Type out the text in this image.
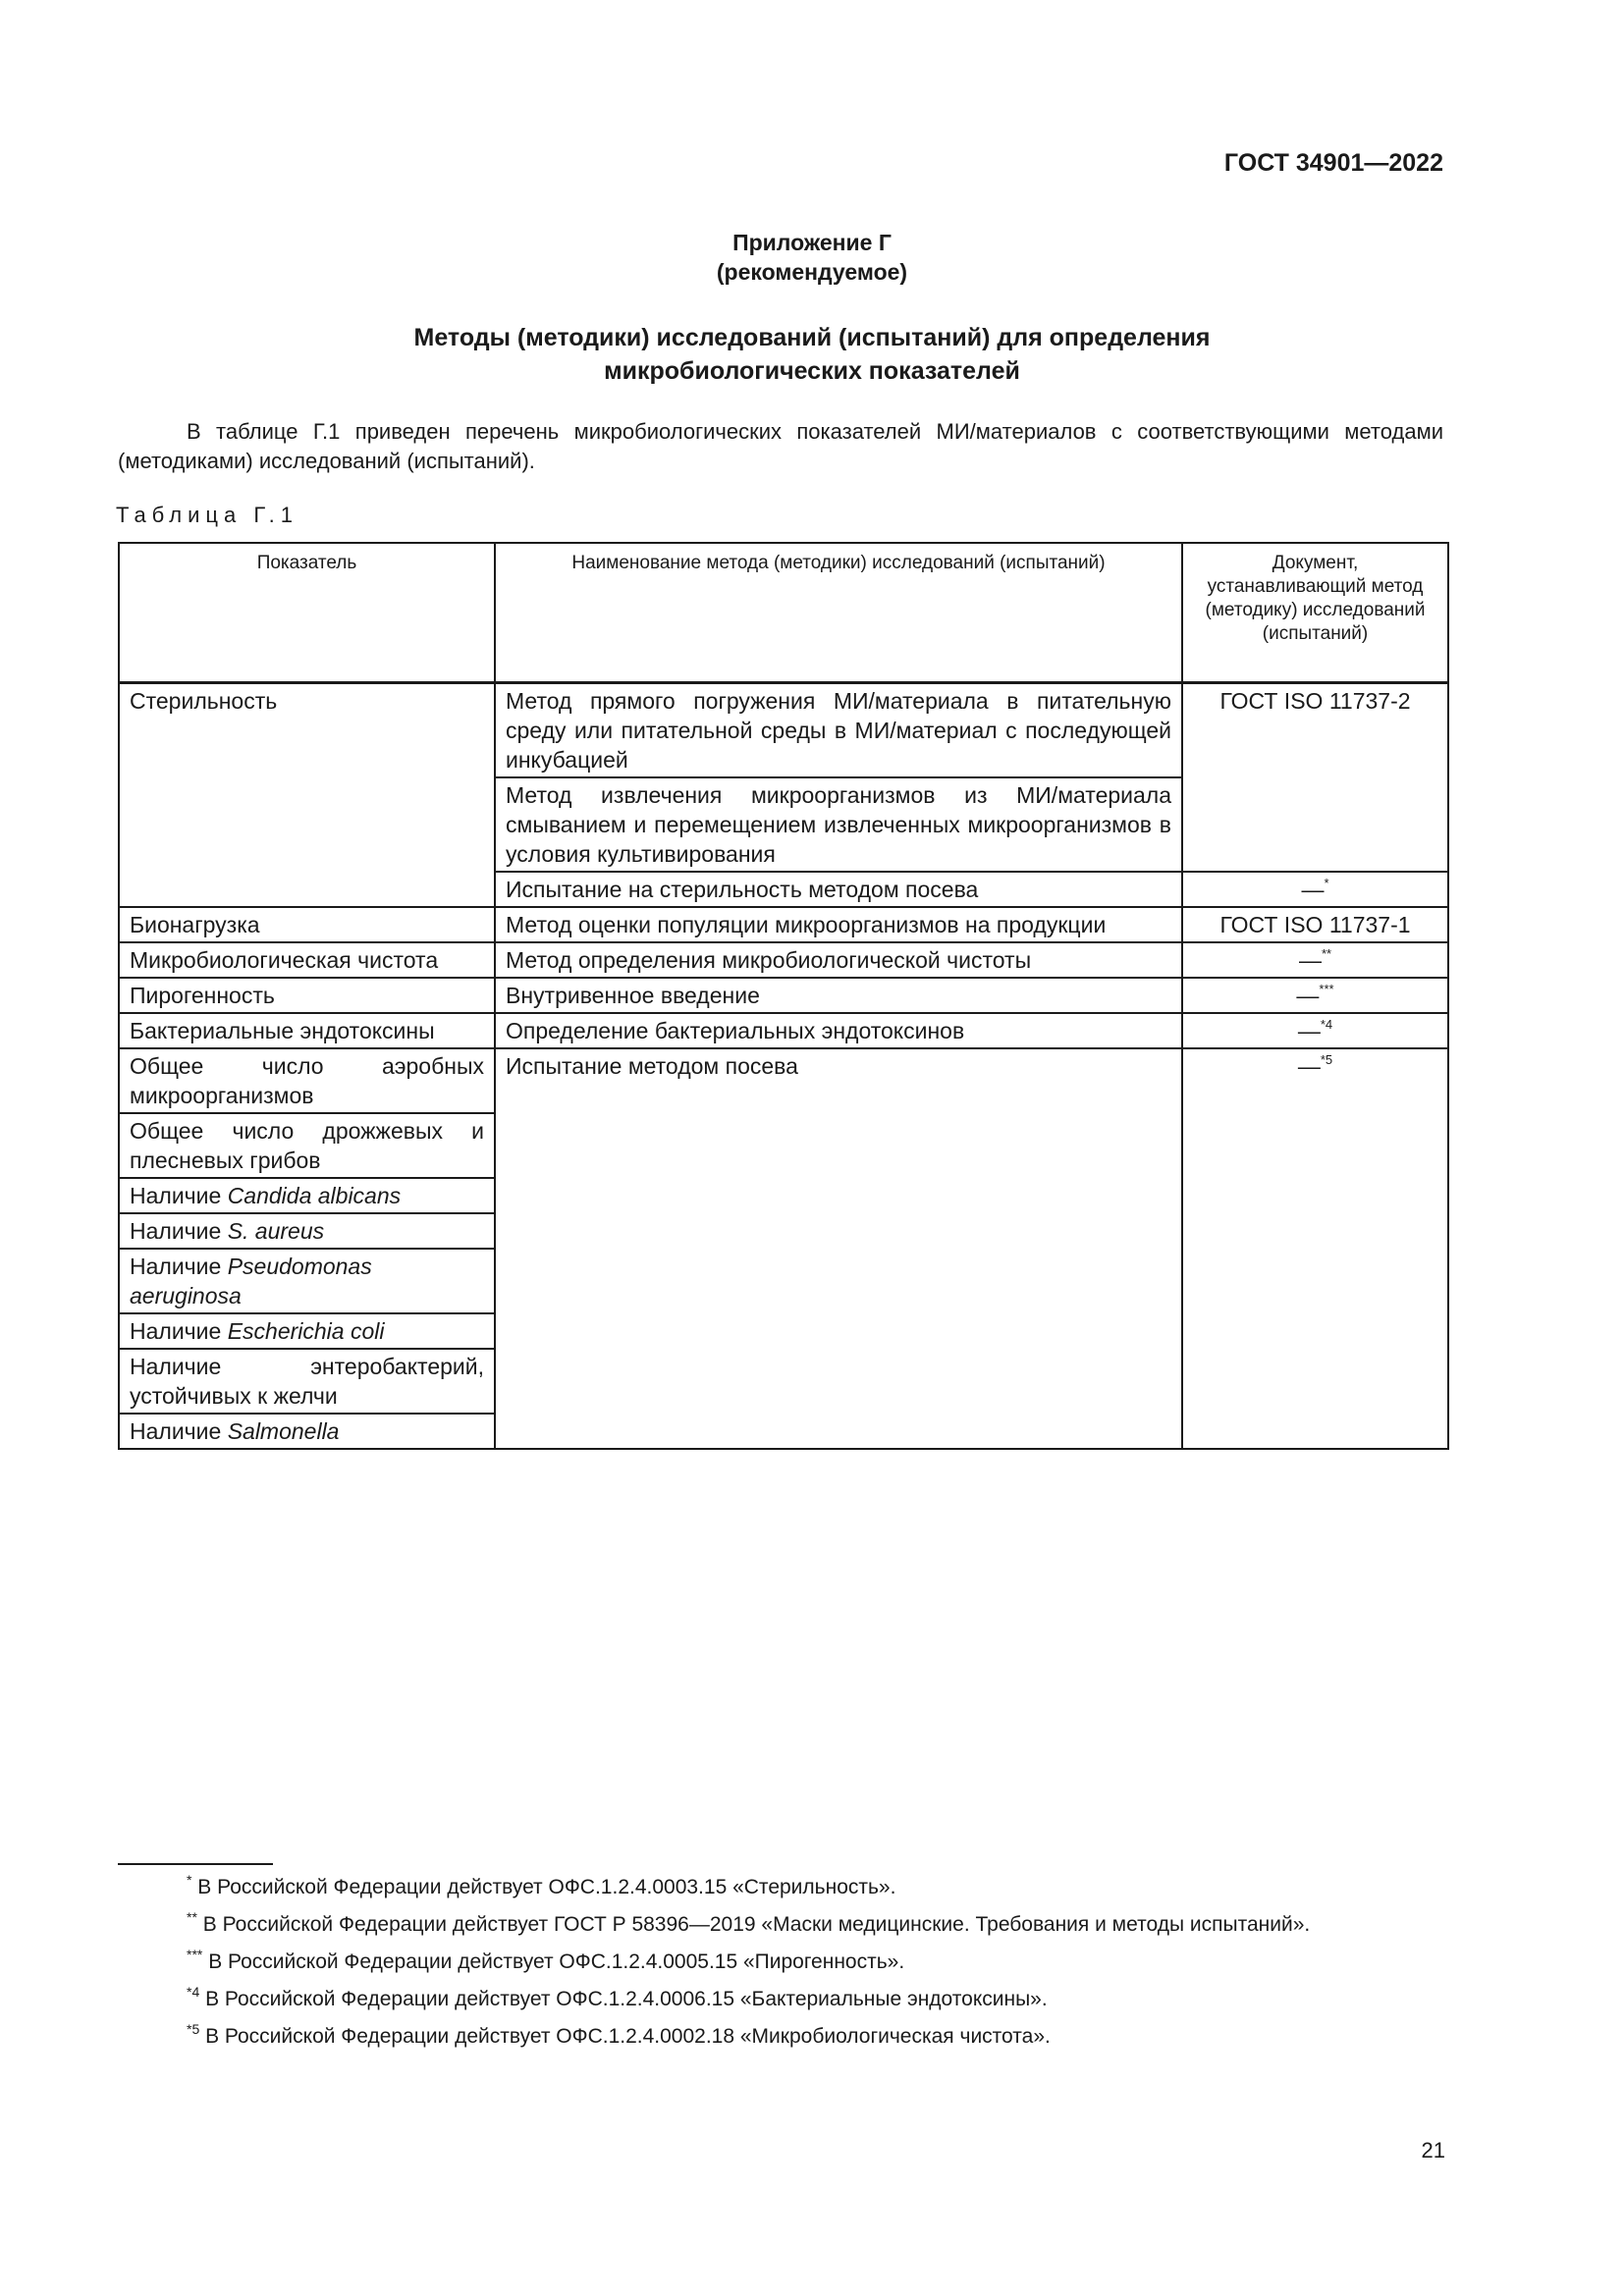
ГОСТ 34901—2022
Приложение Г
(рекомендуемое)
Методы (методики) исследований (испытаний) для определения
микробиологических показателей
В таблице Г.1 приведен перечень микробиологических показателей МИ/материалов с соответствующими методами (методиками) исследований (испытаний).
Таблица Г.1
Показатель	Наименование метода (методики) исследований (испытаний)	Документ, устанавливающий метод (методику) исследований (испытаний)
Стерильность	Метод прямого погружения МИ/материала в питательную среду или питательной среды в МИ/материал с последующей инкубацией	ГОСТ ISO 11737-2
	Метод извлечения микроорганизмов из МИ/материала смыванием и перемещением извлеченных микроорганизмов в условия культивирования	
	Испытание на стерильность методом посева	—*
Бионагрузка	Метод оценки популяции микроорганизмов на продукции	ГОСТ ISO 11737-1
Микробиологическая чистота	Метод определения микробиологической чистоты	—**
Пирогенность	Внутривенное введение	—***
Бактериальные эндотоксины	Определение бактериальных эндотоксинов	—$^{*4}$
Общее число аэробных микроорганизмов	Испытание методом посева	—$^{*5}$
Общее число дрожжевых и плесневых грибов		
Наличие Candida albicans		
Наличие S. aureus		
Наличие Pseudomonas aeruginosa		
Наличие Escherichia coli		
Наличие энтеробактерий, устойчивых к желчи		
Наличие Salmonella		

* В Российской Федерации действует ОФС.1.2.4.0003.15 «Стерильность».

** В Российской Федерации действует ГОСТ Р 58396—2019 «Маски медицинские. Требования и методы испытаний».

*** В Российской Федерации действует ОФС.1.2.4.0005.15 «Пирогенность».

$^{*4}$ В Российской Федерации действует ОФС.1.2.4.0006.15 «Бактериальные эндотоксины».

$^{*5}$ В Российской Федерации действует ОФС.1.2.4.0002.18 «Микробиологическая чистота».

21
